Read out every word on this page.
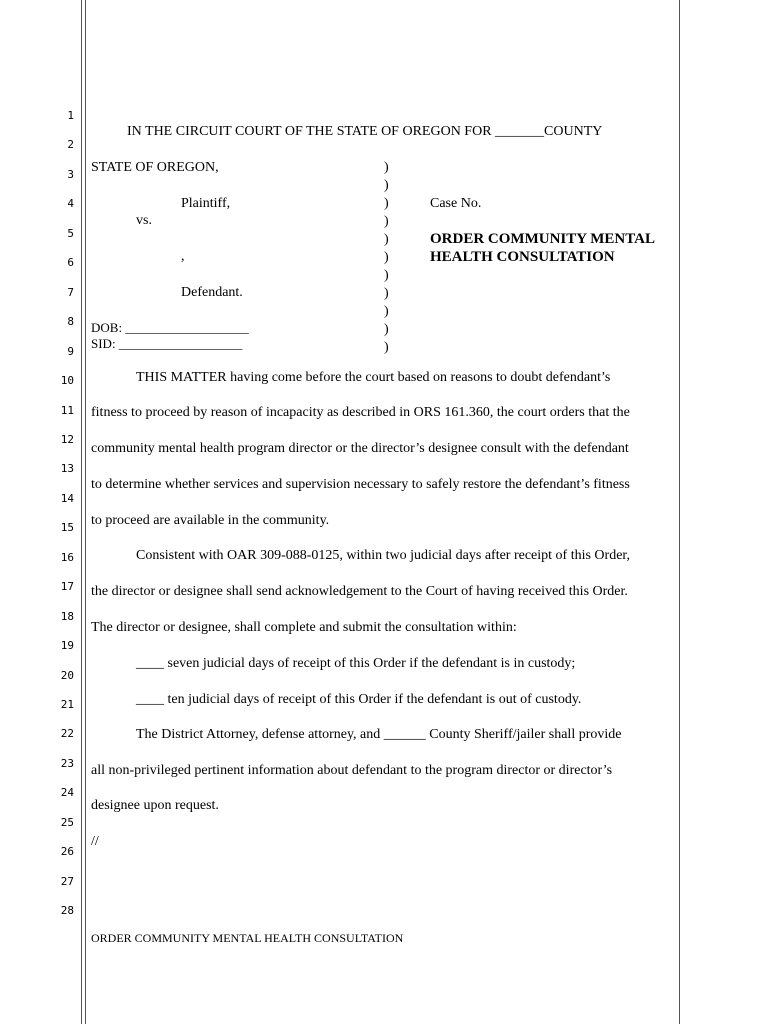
1
2
3
4
5
6
7
8
9
10
11
12
13
14
15
16
17
18
19
20
21
22
23
24
25
26
27
28
IN THE CIRCUIT COURT OF THE STATE OF OREGON FOR _______COUNTY
STATE OF OREGON,
Plaintiff,
vs.
,
Defendant.
DOB: ___________________
SID: ___________________
)
)
)
)
)
)
)
)
)
)
)
Case No.
ORDER COMMUNITY MENTAL
HEALTH CONSULTATION
THIS MATTER having come before the court based on reasons to doubt defendant’s
fitness to proceed by reason of incapacity as described in ORS 161.360, the court orders that the
community mental health program director or the director’s designee consult with the defendant
to determine whether services and supervision necessary to safely restore the defendant’s fitness
to proceed are available in the community.
Consistent with OAR 309-088-0125, within two judicial days after receipt of this Order,
the director or designee shall send acknowledgement to the Court of having received this Order.
The director or designee, shall complete and submit the consultation within:
____ seven judicial days of receipt of this Order if the defendant is in custody;
____ ten judicial days of receipt of this Order if the defendant is out of custody.
The District Attorney, defense attorney, and ______ County Sheriff/jailer shall provide
all non-privileged pertinent information about defendant to the program director or director’s
designee upon request.
//
ORDER COMMUNITY MENTAL HEALTH CONSULTATION
